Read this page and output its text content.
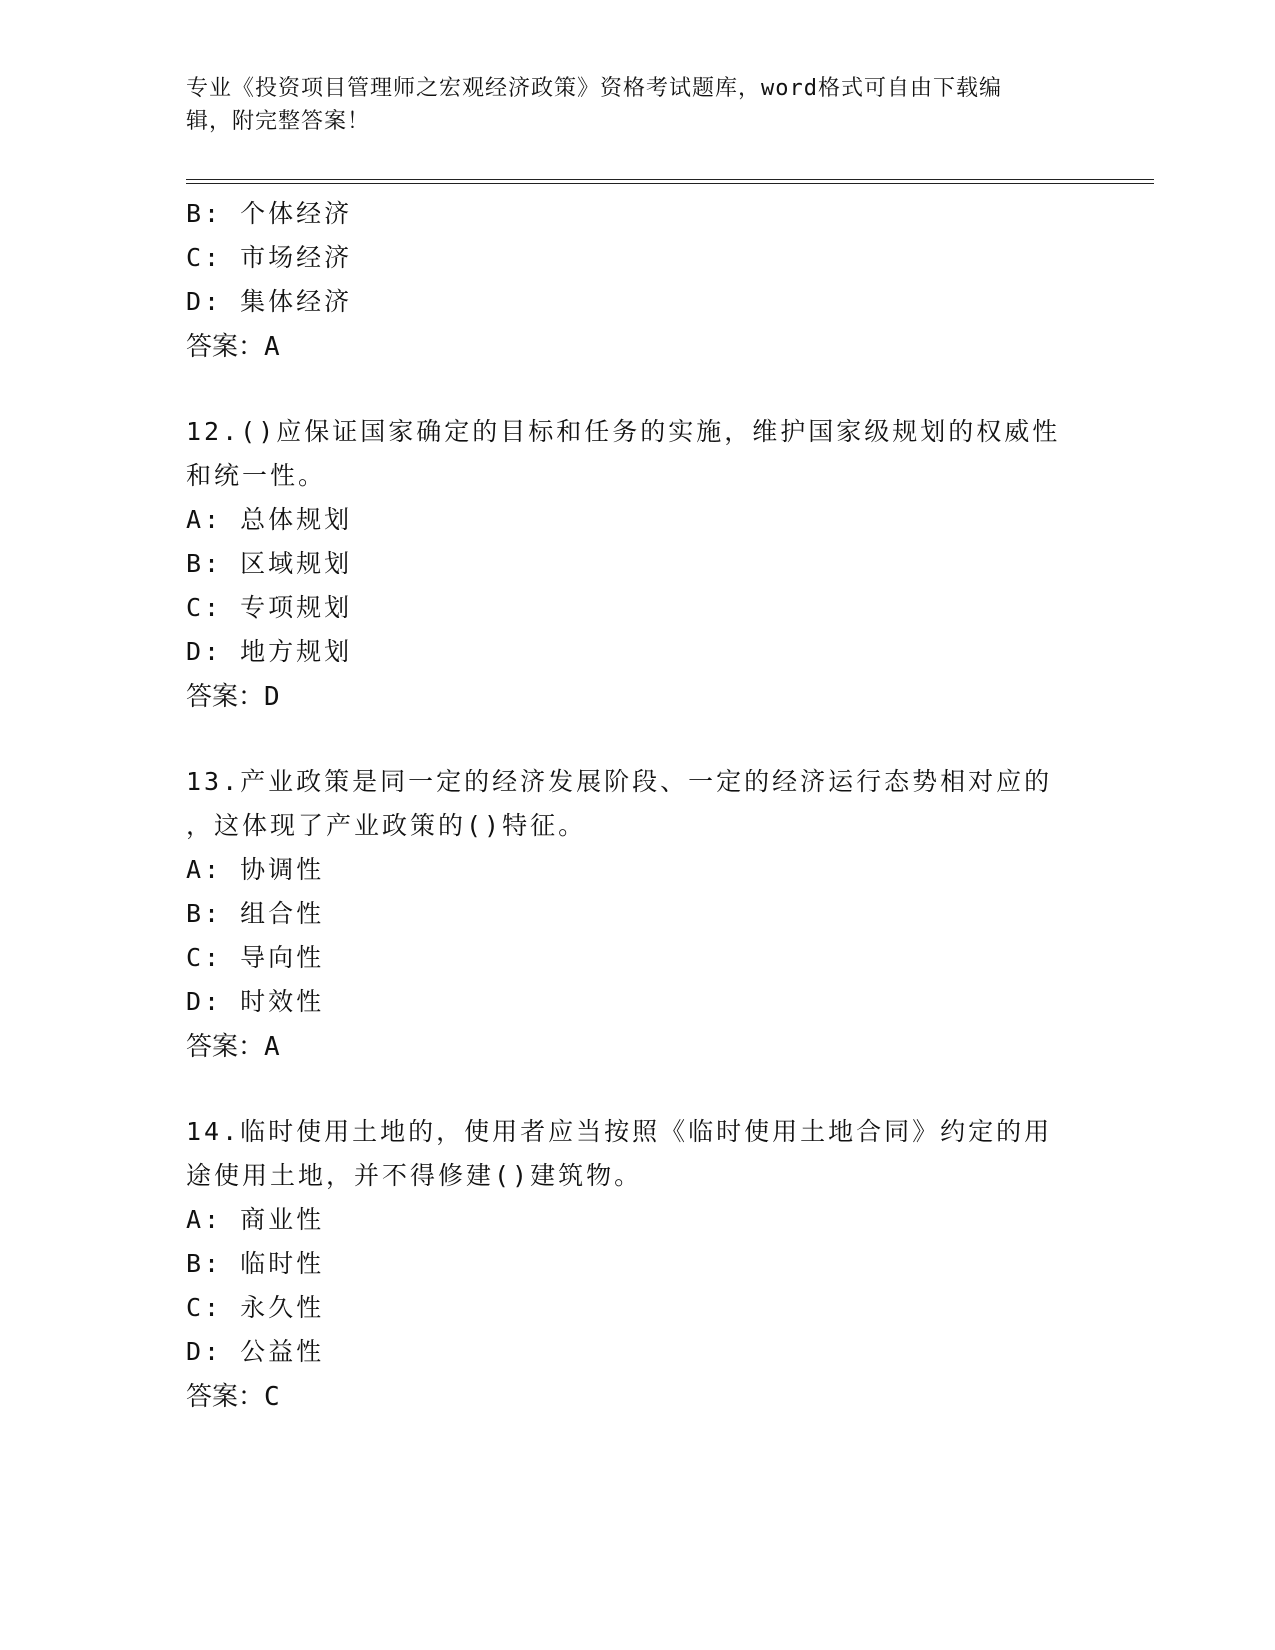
专业《投资项目管理师之宏观经济政策》资格考试题库，word格式可自由下载编
辑，附完整答案！
B: 个体经济
C: 市场经济
D: 集体经济
答案：A
12.()应保证国家确定的目标和任务的实施，维护国家级规划的权威性
和统一性。
A: 总体规划
B: 区域规划
C: 专项规划
D: 地方规划
答案：D
13.产业政策是同一定的经济发展阶段、一定的经济运行态势相对应的
，这体现了产业政策的()特征。
A: 协调性
B: 组合性
C: 导向性
D: 时效性
答案：A
14.临时使用土地的，使用者应当按照《临时使用土地合同》约定的用
途使用土地，并不得修建()建筑物。
A: 商业性
B: 临时性
C: 永久性
D: 公益性
答案：C
